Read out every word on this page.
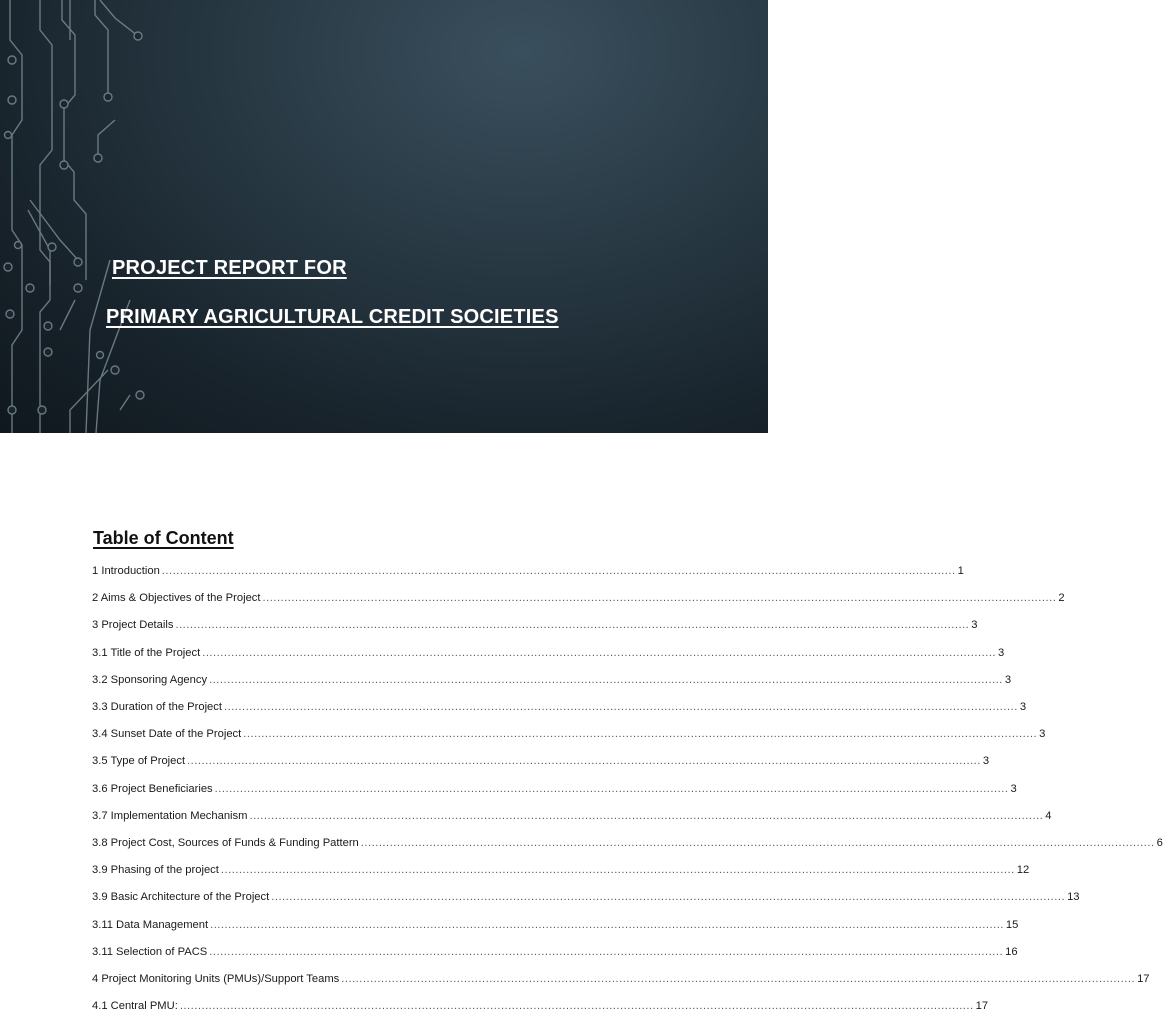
PROJECT REPORT FOR
PRIMARY AGRICULTURAL CREDIT SOCIETIES
Table of Content
1 Introduction ............................................................................................................................................................................................................................ 1
2 Aims & Objectives of the Project ............................................................................................................................................................................................................................ 2
3 Project Details ............................................................................................................................................................................................................................ 3
3.1 Title of the Project ............................................................................................................................................................................................................................ 3
3.2 Sponsoring Agency ............................................................................................................................................................................................................................ 3
3.3 Duration of the Project ............................................................................................................................................................................................................................ 3
3.4 Sunset Date of the Project ............................................................................................................................................................................................................................ 3
3.5 Type of Project ............................................................................................................................................................................................................................ 3
3.6 Project Beneficiaries ............................................................................................................................................................................................................................ 3
3.7 Implementation Mechanism ............................................................................................................................................................................................................................ 4
3.8 Project Cost, Sources of Funds & Funding Pattern ............................................................................................................................................................................................................................ 6
3.9 Phasing of the project ............................................................................................................................................................................................................................ 12
3.9 Basic Architecture of the Project ............................................................................................................................................................................................................................ 13
3.11 Data Management ............................................................................................................................................................................................................................ 15
3.11 Selection of PACS ............................................................................................................................................................................................................................ 16
4 Project Monitoring Units (PMUs)/Support Teams ............................................................................................................................................................................................................................ 17
4.1 Central PMU: ............................................................................................................................................................................................................................ 17
